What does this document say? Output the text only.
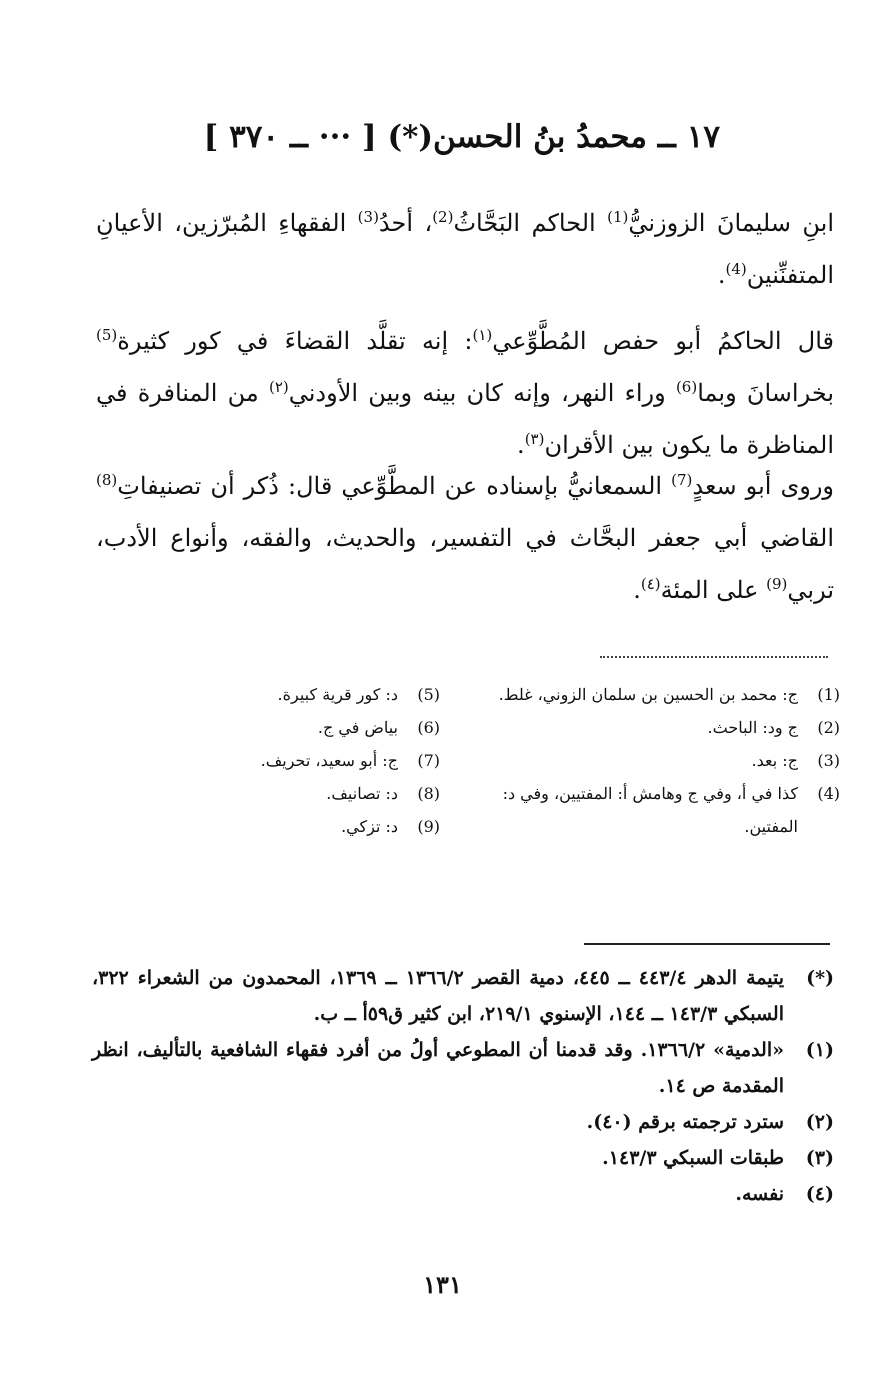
١٧ ــ محمدُ بنُ الحسن(*) [ ··· ــ ٣٧٠ ]
ابنِ سليمانَ الزوزنيُّ$^{(1)}$ الحاكم البَحَّاثُ$^{(2)}$، أحدُ$^{(3)}$ الفقهاءِ المُبرّزين، الأعيانِ المتفنِّنين$^{(4)}$.
قال الحاكمُ أبو حفص المُطَّوِّعي$^{(١)}$: إنه تقلَّد القضاءَ في كور كثيرة$^{(5)}$ بخراسانَ وبما$^{(6)}$ وراء النهر، وإنه كان بينه وبين الأودني$^{(٢)}$ من المنافرة في المناظرة ما يكون بين الأقران$^{(٣)}$.
وروى أبو سعدٍ$^{(7)}$ السمعانيُّ بإسناده عن المطَّوِّعي قال: ذُكر أن تصنيفاتِ$^{(8)}$ القاضي أبي جعفر البحَّاث في التفسير، والحديث، والفقه، وأنواع الأدب، تربي$^{(9)}$ على المئة$^{(٤)}$.
(1)
ج: محمد بن الحسين بن سلمان الزوني، غلط.
(2)
ج ود: الباحث.
(3)
ج: بعد.
(4)
كذا في أ، وفي ج وهامش أ: المفتيين، وفي د: المفتين.
(5)
د: كور قرية كبيرة.
(6)
بياض في ج.
(7)
ج: أبو سعيد، تحريف.
(8)
د: تصانيف.
(9)
د: تزكي.
(*)
يتيمة الدهر ٤٤٣/٤ ــ ٤٤٥، دمية القصر ١٣٦٦/٢ ــ ١٣٦٩، المحمدون من الشعراء ٣٢٢، السبكي ١٤٣/٣ ــ ١٤٤، الإسنوي ٢١٩/١، ابن كثير ق٥٩أ ــ ب.
(١)
«الدمية» ١٣٦٦/٢. وقد قدمنا أن المطوعي أولُ من أفرد فقهاء الشافعية بالتأليف، انظر المقدمة ص ١٤.
(٢)
سترد ترجمته برقم (٤٠).
(٣)
طبقات السبكي ١٤٣/٣.
(٤)
نفسه.
١٣١
